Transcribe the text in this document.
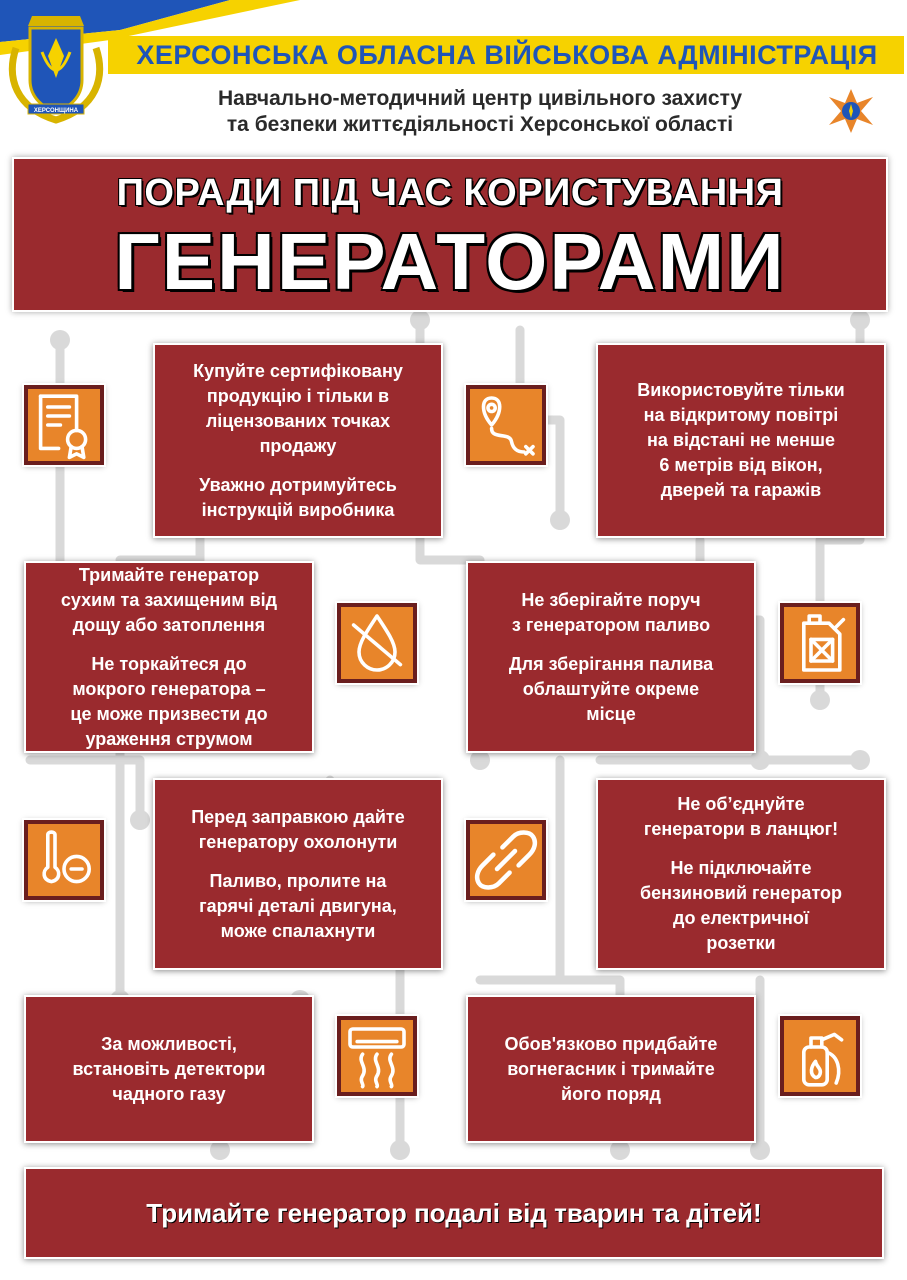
ХЕРСОНСЬКА ОБЛАСНА ВІЙСЬКОВА АДМІНІСТРАЦІЯ
Навчально-методичний центр цивільного захисту
та безпеки життєдіяльності Херсонської області
ХЕРСОНЩИНА
ПОРАДИ ПІД ЧАС КОРИСТУВАННЯ
ГЕНЕРАТОРАМИ

Купуйте сертифіковану
продукцію і тільки в
ліцензованих точках
продажу

Уважно дотримуйтесь
інструкцій виробника

Використовуйте тільки
на відкритому повітрі
на відстані не менше
6 метрів від вікон,
дверей та гаражів

Тримайте генератор
сухим та захищеним від
дощу або затоплення

Не торкайтеся до
мокрого генератора –
це може призвести до
ураження струмом

Не зберігайте поруч
з генератором паливо

Для зберігання палива
облаштуйте окреме
місце

Перед заправкою дайте
генератору охолонути

Паливо, пролите на
гарячі деталі двигуна,
може спалахнути

Не об’єднуйте
генератори в ланцюг!

Не підключайте
бензиновий генератор
до електричної
розетки

За можливості,
встановіть детектори
чадного газу

Обов'язково придбайте
вогнегасник і тримайте
його поряд

Тримайте генератор подалі від тварин та дітей!
